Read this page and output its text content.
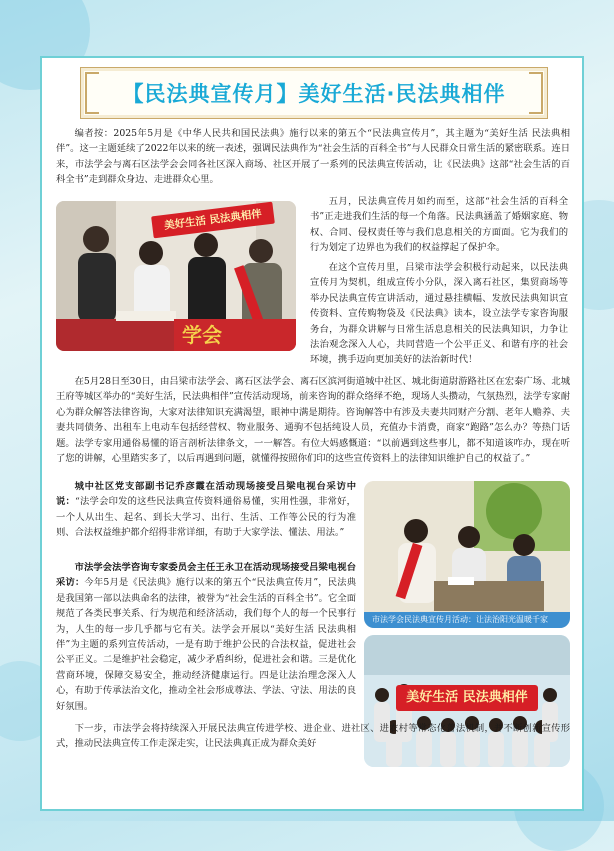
【民法典宣传月】美好生活·民法典相伴

编者按：2025年5月是《中华人民共和国民法典》施行以来的第五个“民法典宣传月”，其主题为“美好生活 民法典相伴”。这一主题延续了2022年以来的统一表述，强调民法典作为“社会生活的百科全书”与人民群众日常生活的紧密联系。连日来，市法学会与离石区法学会会同各社区深入商场、社区开展了一系列的民法典宣传活动，让《民法典》这部“社会生活的百科全书”走到群众身边、走进群众心里。

美好生活 民法典相伴
学会

五月，民法典宣传月如约而至，这部“社会生活的百科全书”正走进我们生活的每一个角落。民法典涵盖了婚姻家庭、物权、合同、侵权责任等与我们息息相关的方面面。它为我们的行为划定了边界也为我们的权益撑起了保护伞。

在这个宣传月里，吕梁市法学会积极行动起来，以民法典宣传月为契机，组成宣传小分队，深入离石社区，集贸商场等举办民法典宣传宣讲活动，通过悬挂横幅、发放民法典知识宣传资料、宣传购物袋及《民法典》读本，设立法学专家咨询服务台，为群众讲解与日常生活息息相关的民法典知识，力争让法治观念深入人心，共同营造一个公平正义、和谐有序的社会环境，携手迈向更加美好的法治新时代！

在5月28日至30日，由吕梁市法学会、离石区法学会、离石区滨河街道城中社区、城北街道尉游路社区在宏泰广场、北城王府等城区举办的“美好生活，民法典相伴”宣传活动现场，前来咨询的群众络绎不绝，现场人头攒动，气氛热烈，法学专家耐心为群众解答法律咨询，大家对法律知识充满渴望，眼神中满是期待。咨询解答中有涉及夫妻共同财产分割、老年人赡养、夫妻共同债务、出租车上电动车包括经营权、物业服务、通驹不包括纯设人员，充值办卡消费，商家“跑路”怎么办？等热门话题。法学专家用通俗易懂的语言剖析法律条文，一一解答。有位大妈感慨道：“以前遇到这些事儿，都不知道该咋办，现在听了您的讲解，心里踏实多了，以后再遇到问题，就懂得按照你们印的这些宣传资料上的法律知识维护自己的权益了。”

城中社区党支部副书记乔彦霞在活动现场接受吕梁电视台采访中说：“法学会印发的这些民法典宣传资料通俗易懂，实用性强，非常好，一个人从出生、起名、到长大学习、出行、生活、工作等公民的行为准则、合法权益维护都介绍得非常详细，有助于大家学法、懂法、用法。”

市法学会法学咨询专家委员会主任王永卫在活动现场接受吕梁电视台采访：今年5月是《民法典》施行以来的第五个“民法典宣传月”，民法典是我国第一部以法典命名的法律，被誉为“社会生活的百科全书”。它全面规范了各类民事关系、行为规范和经济活动，我们每个人的每一个民事行为，人生的每一步几乎都与它有关。法学会开展以“美好生活 民法典相伴”为主题的系列宣传活动，一是有助于维护公民的合法权益，促进社会公平正义。二是维护社会稳定，减少矛盾纠纷，促进社会和谐。三是优化营商环境，保障交易安全，推动经济健康运行。四是让法治理念深入人心，有助于传承法治文化，推动全社会形成尊法、学法、守法、用法的良好氛围。

市法学会民法典宣传月活动：让法治阳光温暖千家
美好生活 民法典相伴

下一步，市法学会将持续深入开展民法典宣传进学校、进企业、进社区、进农村等常态化普法机制，并不断创新宣传形式，推动民法典宣传工作走深走实，让民法典真正成为群众美好
